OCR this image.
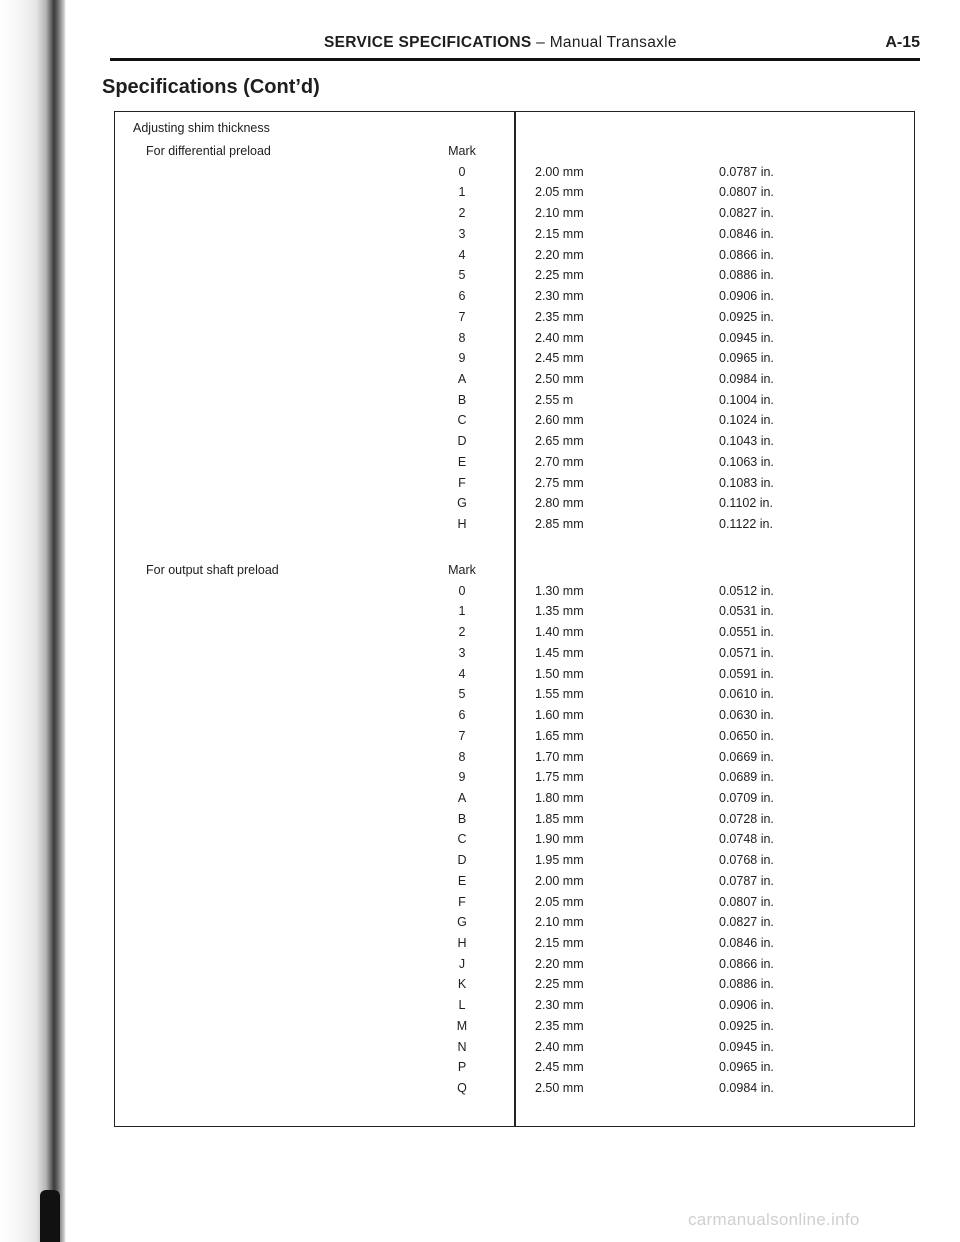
SERVICE SPECIFICATIONS – Manual Transaxle	A-15
Specifications (Cont’d)
Adjusting shim thickness
For differential preload
For output shaft preload
Mark
0	2.00 mm	0.0787 in.
1	2.05 mm	0.0807 in.
2	2.10 mm	0.0827 in.
3	2.15 mm	0.0846 in.
4	2.20 mm	0.0866 in.
5	2.25 mm	0.0886 in.
6	2.30 mm	0.0906 in.
7	2.35 mm	0.0925 in.
8	2.40 mm	0.0945 in.
9	2.45 mm	0.0965 in.
A	2.50 mm	0.0984 in.
B	2.55 m	0.1004 in.
C	2.60 mm	0.1024 in.
D	2.65 mm	0.1043 in.
E	2.70 mm	0.1063 in.
F	2.75 mm	0.1083 in.
G	2.80 mm	0.1102 in.
H	2.85 mm	0.1122 in.
Mark
0	1.30 mm	0.0512 in.
1	1.35 mm	0.0531 in.
2	1.40 mm	0.0551 in.
3	1.45 mm	0.0571 in.
4	1.50 mm	0.0591 in.
5	1.55 mm	0.0610 in.
6	1.60 mm	0.0630 in.
7	1.65 mm	0.0650 in.
8	1.70 mm	0.0669 in.
9	1.75 mm	0.0689 in.
A	1.80 mm	0.0709 in.
B	1.85 mm	0.0728 in.
C	1.90 mm	0.0748 in.
D	1.95 mm	0.0768 in.
E	2.00 mm	0.0787 in.
F	2.05 mm	0.0807 in.
G	2.10 mm	0.0827 in.
H	2.15 mm	0.0846 in.
J	2.20 mm	0.0866 in.
K	2.25 mm	0.0886 in.
L	2.30 mm	0.0906 in.
M	2.35 mm	0.0925 in.
N	2.40 mm	0.0945 in.
P	2.45 mm	0.0965 in.
Q	2.50 mm	0.0984 in.
carmanualsonline.info
